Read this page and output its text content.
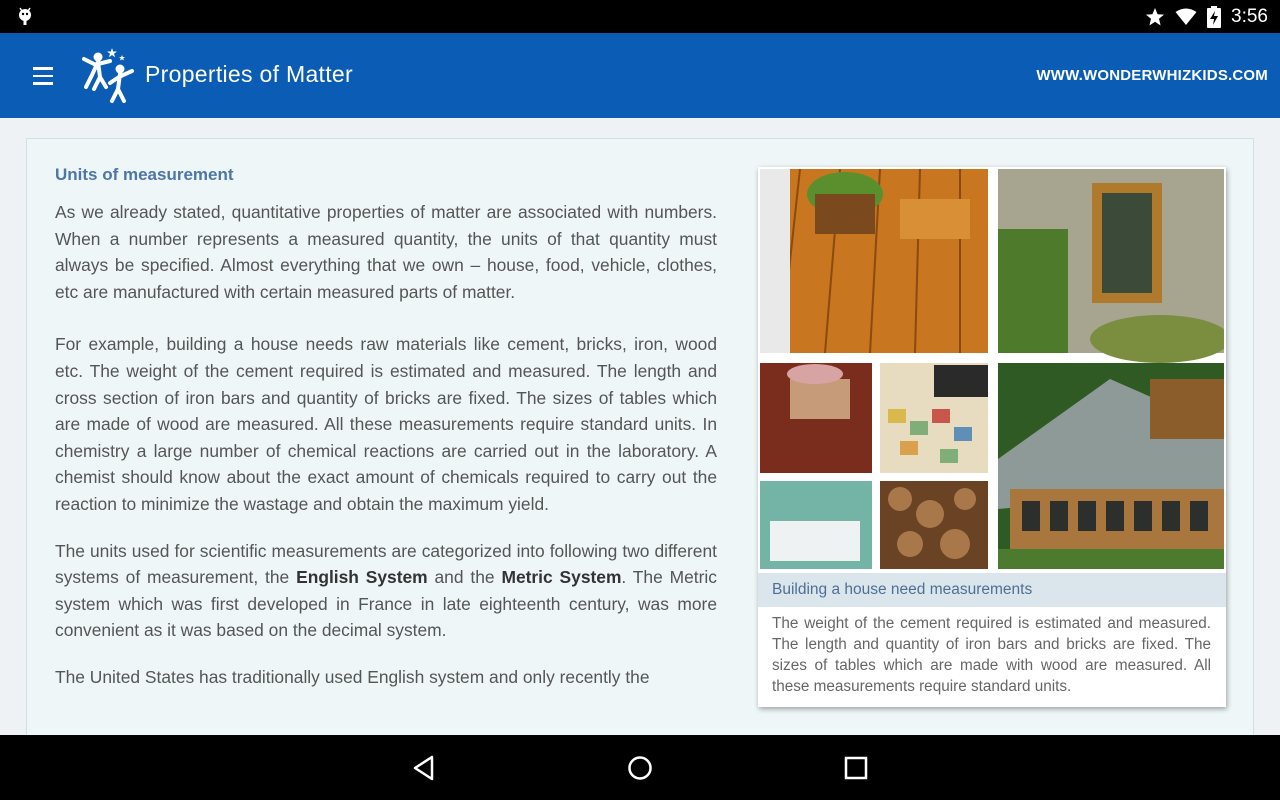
3:56
Properties of Matter	WWW.WONDERWHIZKIDS.COM
Units of measurement

As we already stated, quantitative properties of matter are associated with numbers. When a number represents a measured quantity, the units of that quantity must always be specified. Almost everything that we own – house, food, vehicle, clothes, etc are manufactured with certain measured parts of matter.

For example, building a house needs raw materials like cement, bricks, iron, wood etc. The weight of the cement required is estimated and measured. The length and cross section of iron bars and quantity of bricks are fixed. The sizes of tables which are made of wood are measured. All these measurements require standard units. In chemistry a large number of chemical reactions are carried out in the laboratory. A chemist should know about the exact amount of chemicals required to carry out the reaction to minimize the wastage and obtain the maximum yield.

The units used for scientific measurements are categorized into following two different systems of measurement, the English System and the Metric System. The Metric system which was first developed in France in late eighteenth century, was more convenient as it was based on the decimal system.

The United States has traditionally used English system and only recently the

Building a house need measurements
The weight of the cement required is estimated and measured. The length and quantity of iron bars and bricks are fixed. The sizes of tables which are made with wood are measured. All these measurements require standard units.
